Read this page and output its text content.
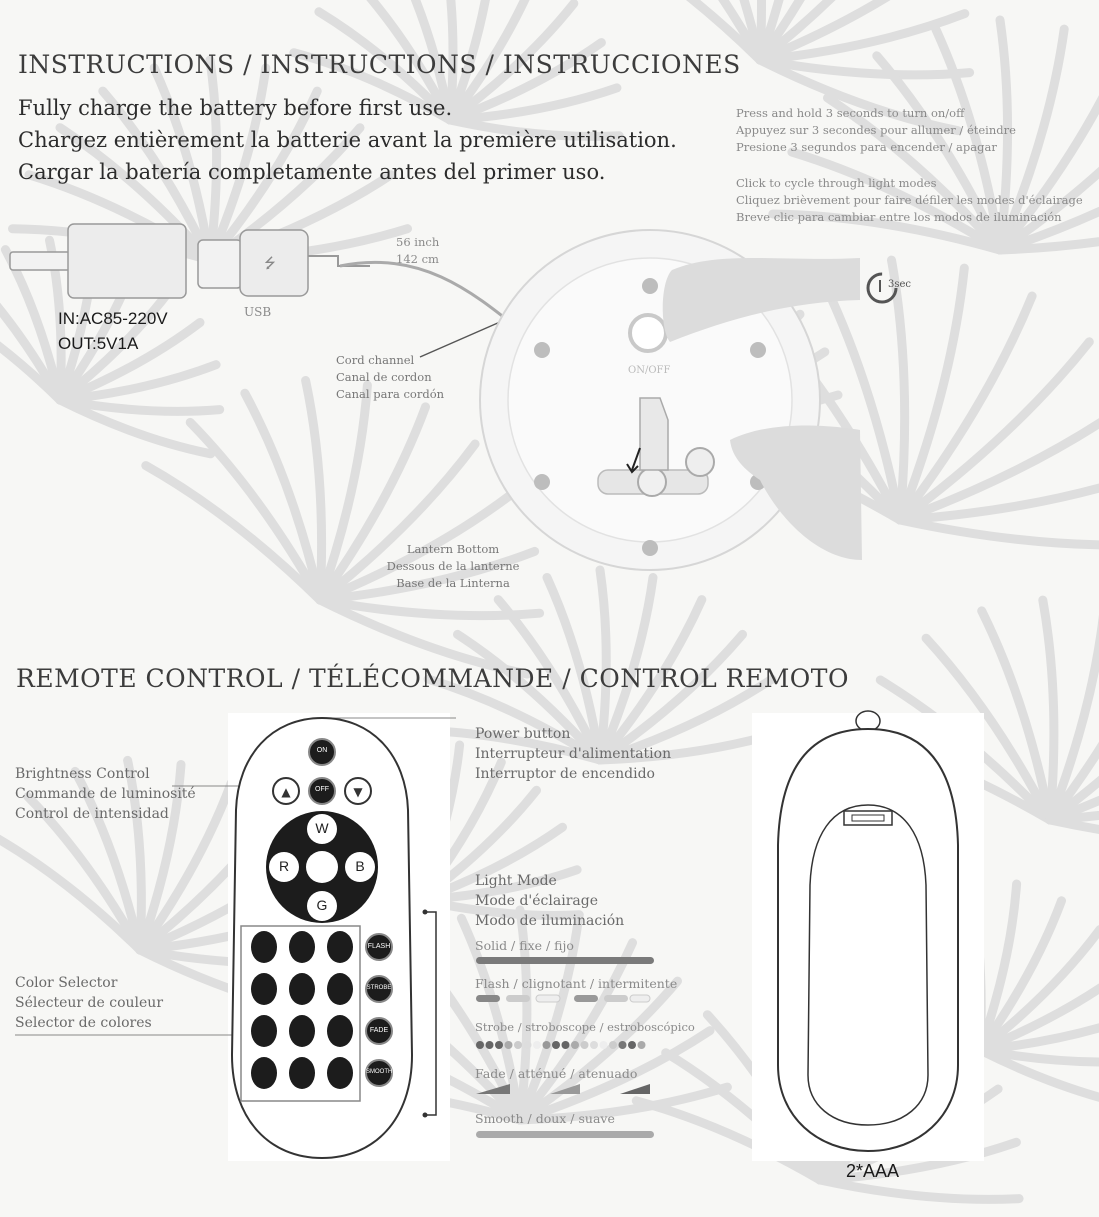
INSTRUCTIONS / INSTRUCTIONS / INSTRUCCIONES
Fully charge the battery before first use.
Chargez entièrement la batterie avant la première utilisation.
Cargar la batería completamente antes del primer uso.
Press and hold 3 seconds to turn on/off
Appuyez sur 3 secondes pour allumer / éteindre
Presione 3 segundos para encender / apagar
Click to cycle through light modes
Cliquez brièvement pour faire défiler les modes d'éclairage
Breve clic para cambiar entre los modos de iluminación
⭍
IN:AC85-220V
OUT:5V1A
USB
56 inch
142 cm
Cord channel
Canal de cordon
Canal para cordón
ON/OFF
3sec
Lantern Bottom
Dessous de la lanterne
Base de la Linterna
REMOTE CONTROL / TÉLÉCOMMANDE / CONTROL REMOTO
▲	▼
ON
OFF
W
R	B
G
FLASH
STROBE
FADE
SMOOTH
Power button
Interrupteur d'alimentation
Interruptor de encendido
Brightness Control
Commande de luminosité
Control de intensidad
Color Selector
Sélecteur de couleur
Selector de colores
Light Mode
Mode d'éclairage
Modo de iluminación
Solid / fixe / fijo
Flash / clignotant / intermitente
Strobe / stroboscope / estroboscópico
Fade / atténué / atenuado
Smooth / doux / suave
2*AAA
